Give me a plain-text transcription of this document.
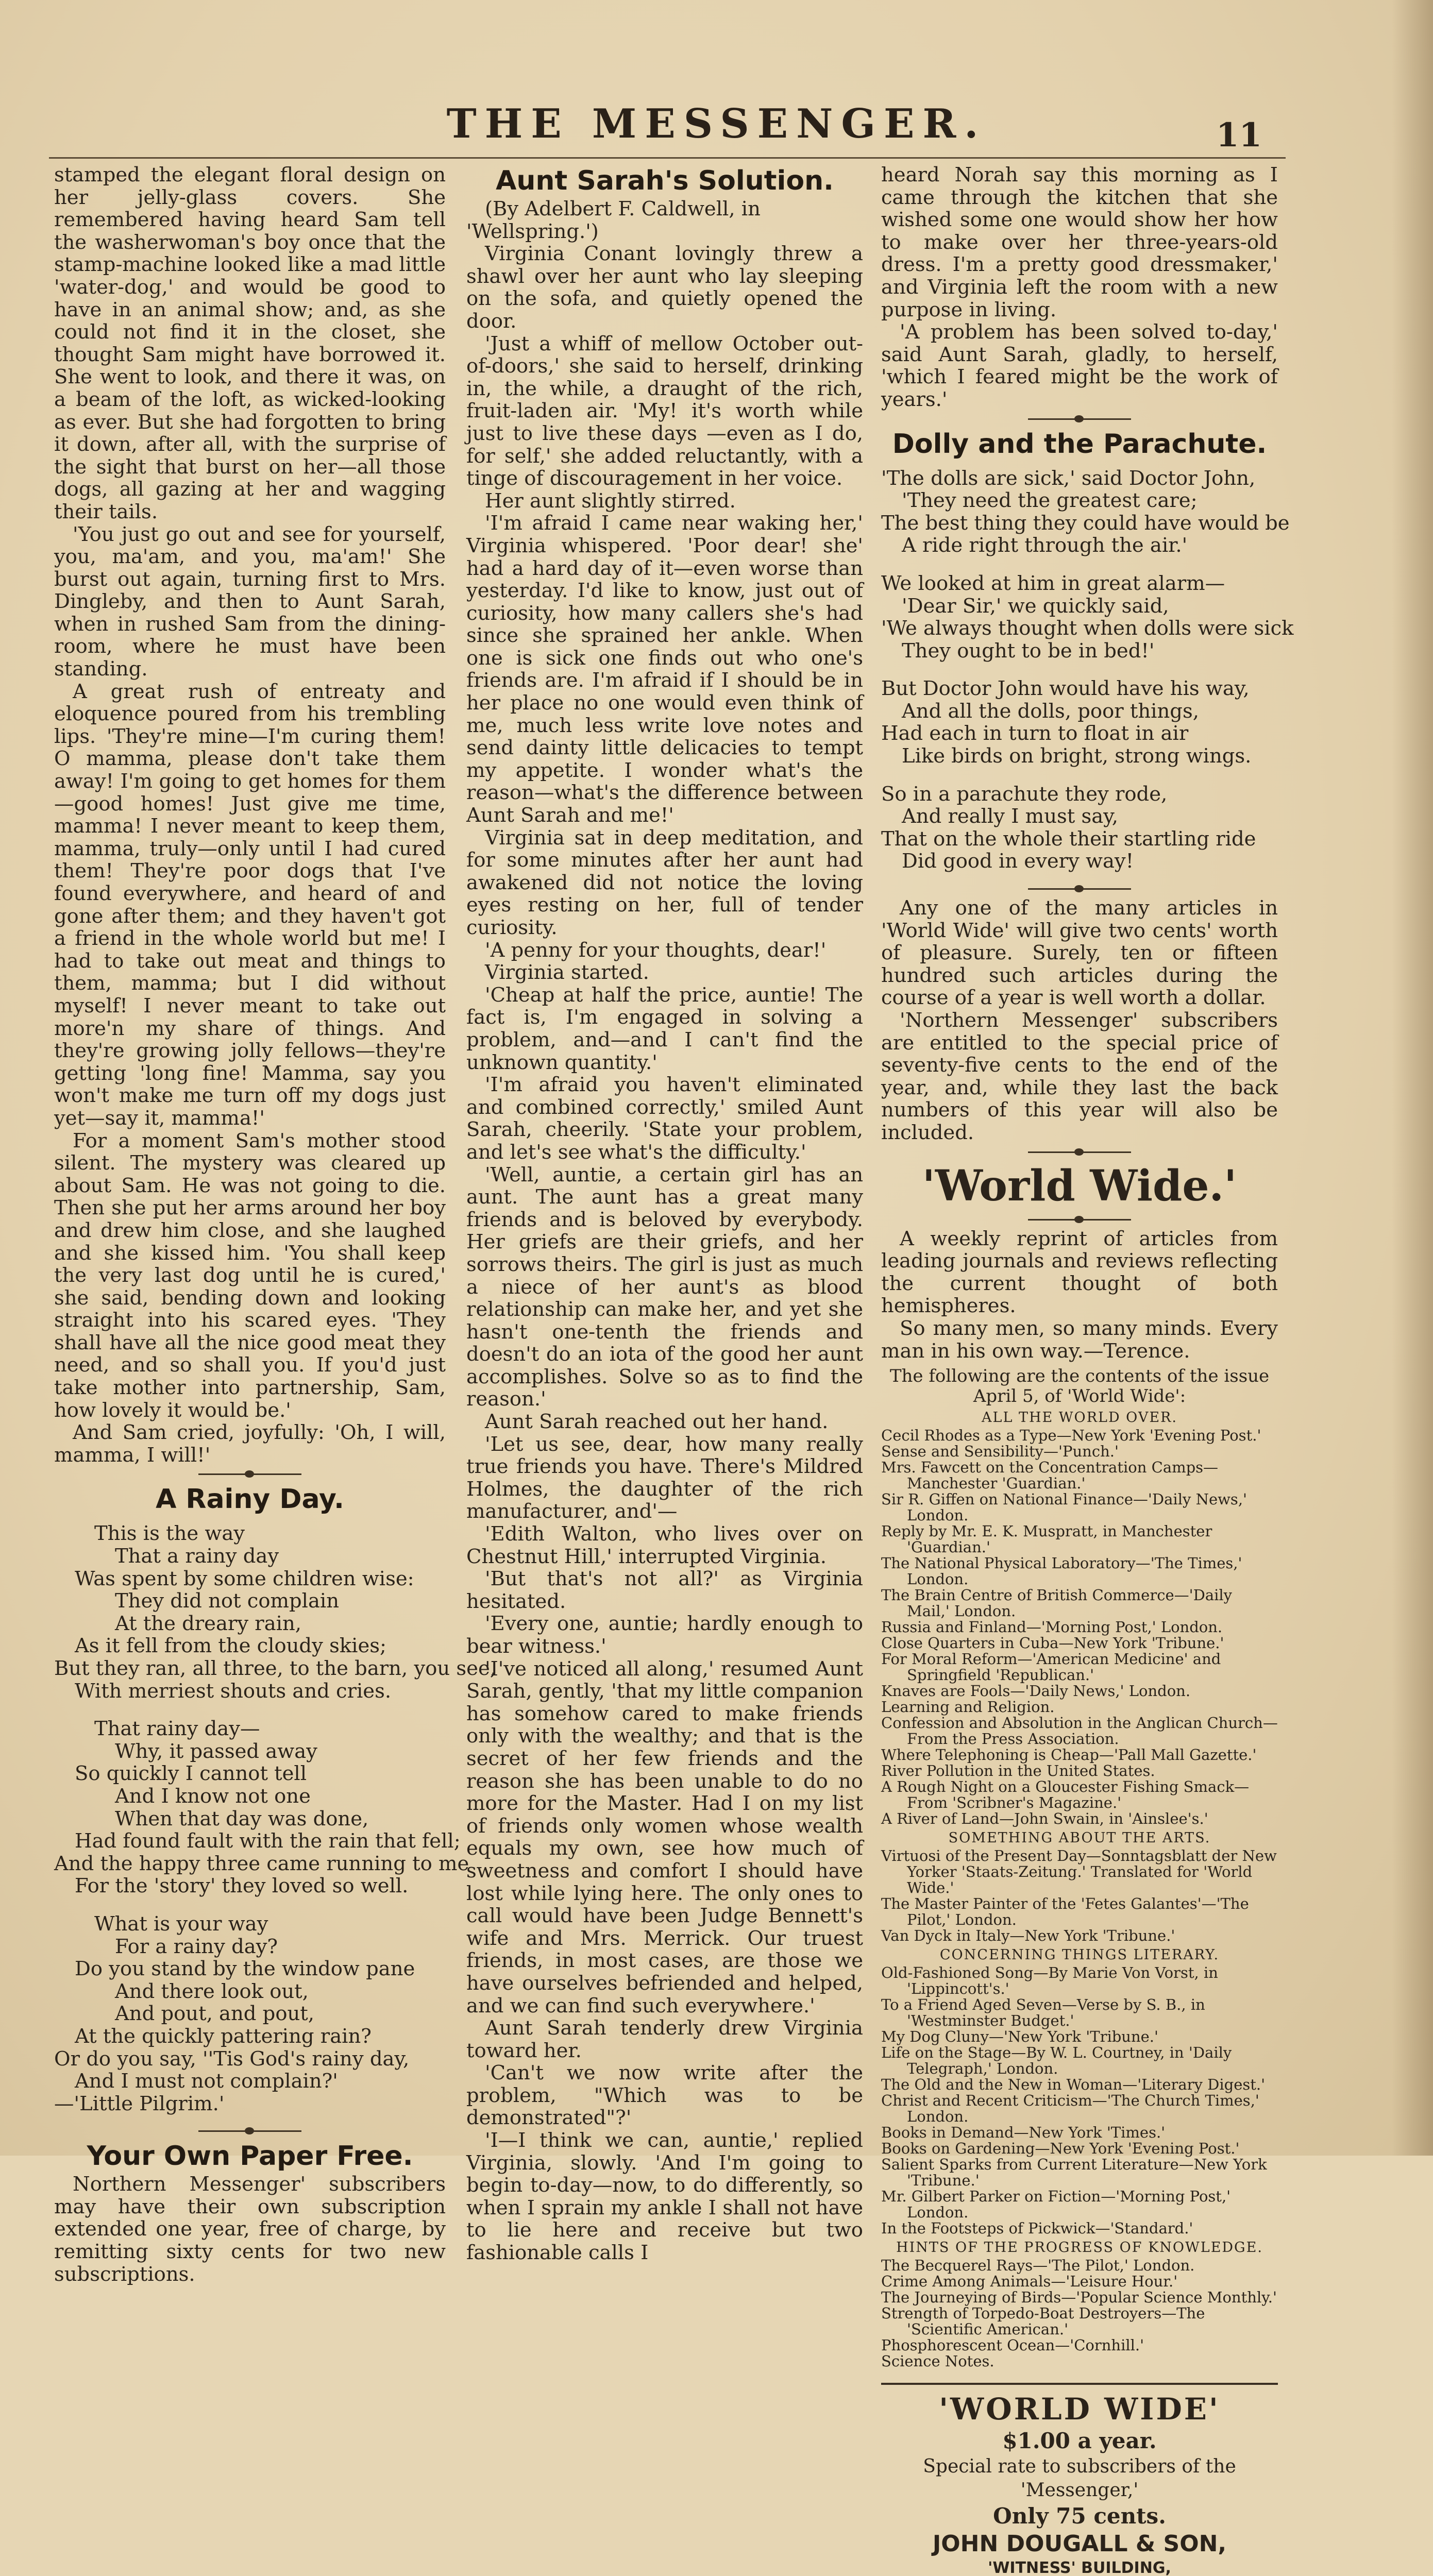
THE MESSENGER.	11

stamped the elegant floral design on her jelly-glass covers. She remembered having heard Sam tell the washerwoman's boy once that the stamp-machine looked like a mad little 'water-dog,' and would be good to have in an animal show; and, as she could not find it in the closet, she thought Sam might have borrowed it. She went to look, and there it was, on a beam of the loft, as wicked-looking as ever. But she had forgotten to bring it down, after all, with the surprise of the sight that burst on her—all those dogs, all gazing at her and wagging their tails.

'You just go out and see for yourself, you, ma'am, and you, ma'am!' She burst out again, turning first to Mrs. Dingleby, and then to Aunt Sarah, when in rushed Sam from the dining-room, where he must have been standing.

A great rush of entreaty and eloquence poured from his trembling lips. 'They're mine—I'm curing them! O mamma, please don't take them away! I'm going to get homes for them—good homes! Just give me time, mamma! I never meant to keep them, mamma, truly—only until I had cured them! They're poor dogs that I've found everywhere, and heard of and gone after them; and they haven't got a friend in the whole world but me! I had to take out meat and things to them, mamma; but I did without myself! I never meant to take out more'n my share of things. And they're growing jolly fellows—they're getting 'long fine! Mamma, say you won't make me turn off my dogs just yet—say it, mamma!'

For a moment Sam's mother stood silent. The mystery was cleared up about Sam. He was not going to die. Then she put her arms around her boy and drew him close, and she laughed and she kissed him. 'You shall keep the very last dog until he is cured,' she said, bending down and looking straight into his scared eyes. 'They shall have all the nice good meat they need, and so shall you. If you'd just take mother into partnership, Sam, how lovely it would be.'

And Sam cried, joyfully: 'Oh, I will, mamma, I will!'

A Rainy Day.
This is the way
That a rainy day
Was spent by some children wise:
They did not complain
At the dreary rain,
As it fell from the cloudy skies;
But they ran, all three, to the barn, you see,
With merriest shouts and cries.
That rainy day—
Why, it passed away
So quickly I cannot tell
And I know not one
When that day was done,
Had found fault with the rain that fell;
And the happy three came running to me
For the 'story' they loved so well.
What is your way
For a rainy day?
Do you stand by the window pane
And there look out,
And pout, and pout,
At the quickly pattering rain?
Or do you say, ''Tis God's rainy day,
And I must not complain?'
—'Little Pilgrim.'
Your Own Paper Free.

Northern Messenger' subscribers may have their own subscription extended one year, free of charge, by remitting sixty cents for two new subscriptions.

Aunt Sarah's Solution.

(By Adelbert F. Caldwell, in 'Wellspring.')

Virginia Conant lovingly threw a shawl over her aunt who lay sleeping on the sofa, and quietly opened the door.

'Just a whiff of mellow October out-of-doors,' she said to herself, drinking in, the while, a draught of the rich, fruit-laden air. 'My! it's worth while just to live these days —even as I do, for self,' she added reluctantly, with a tinge of discouragement in her voice.

Her aunt slightly stirred.

'I'm afraid I came near waking her,' Virginia whispered. 'Poor dear! she' had a hard day of it—even worse than yesterday. I'd like to know, just out of curiosity, how many callers she's had since she sprained her ankle. When one is sick one finds out who one's friends are. I'm afraid if I should be in her place no one would even think of me, much less write love notes and send dainty little delicacies to tempt my appetite. I wonder what's the reason—what's the difference between Aunt Sarah and me!'

Virginia sat in deep meditation, and for some minutes after her aunt had awakened did not notice the loving eyes resting on her, full of tender curiosity.

'A penny for your thoughts, dear!'

Virginia started.

'Cheap at half the price, auntie! The fact is, I'm engaged in solving a problem, and—and I can't find the unknown quantity.'

'I'm afraid you haven't eliminated and combined correctly,' smiled Aunt Sarah, cheerily. 'State your problem, and let's see what's the difficulty.'

'Well, auntie, a certain girl has an aunt. The aunt has a great many friends and is beloved by everybody. Her griefs are their griefs, and her sorrows theirs. The girl is just as much a niece of her aunt's as blood relationship can make her, and yet she hasn't one-tenth the friends and doesn't do an iota of the good her aunt accomplishes. Solve so as to find the reason.'

Aunt Sarah reached out her hand.

'Let us see, dear, how many really true friends you have. There's Mildred Holmes, the daughter of the rich manufacturer, and'—

'Edith Walton, who lives over on Chestnut Hill,' interrupted Virginia.

'But that's not all?' as Virginia hesitated.

'Every one, auntie; hardly enough to bear witness.'

'I've noticed all along,' resumed Aunt Sarah, gently, 'that my little companion has somehow cared to make friends only with the wealthy; and that is the secret of her few friends and the reason she has been unable to do no more for the Master. Had I on my list of friends only women whose wealth equals my own, see how much of sweetness and comfort I should have lost while lying here. The only ones to call would have been Judge Bennett's wife and Mrs. Merrick. Our truest friends, in most cases, are those we have ourselves befriended and helped, and we can find such everywhere.'

Aunt Sarah tenderly drew Virginia toward her.

'Can't we now write after the problem, "Which was to be demonstrated"?'

'I—I think we can, auntie,' replied Virginia, slowly. 'And I'm going to begin to-day—now, to do differently, so when I sprain my ankle I shall not have to lie here and receive but two fashionable calls I

heard Norah say this morning as I came through the kitchen that she wished some one would show her how to make over her three-years-old dress. I'm a pretty good dressmaker,' and Virginia left the room with a new purpose in living.

'A problem has been solved to-day,' said Aunt Sarah, gladly, to herself, 'which I feared might be the work of years.'

Dolly and the Parachute.
'The dolls are sick,' said Doctor John,
'They need the greatest care;
The best thing they could have would be
A ride right through the air.'
We looked at him in great alarm—
'Dear Sir,' we quickly said,
'We always thought when dolls were sick
They ought to be in bed!'
But Doctor John would have his way,
And all the dolls, poor things,
Had each in turn to float in air
Like birds on bright, strong wings.
So in a parachute they rode,
And really I must say,
That on the whole their startling ride
Did good in every way!

Any one of the many articles in 'World Wide' will give two cents' worth of pleasure. Surely, ten or fifteen hundred such articles during the course of a year is well worth a dollar.

'Northern Messenger' subscribers are entitled to the special price of seventy-five cents to the end of the year, and, while they last the back numbers of this year will also be included.

'World Wide.'

A weekly reprint of articles from leading journals and reviews reflecting the current thought of both hemispheres.

So many men, so many minds. Every man in his own way.—Terence.

The following are the contents of the issue April 5, of 'World Wide':
ALL THE WORLD OVER.
Cecil Rhodes as a Type—New York 'Evening Post.'
Sense and Sensibility—'Punch.'
Mrs. Fawcett on the Concentration Camps—Manchester 'Guardian.'
Sir R. Giffen on National Finance—'Daily News,' London.
Reply by Mr. E. K. Muspratt, in Manchester 'Guardian.'
The National Physical Laboratory—'The Times,' London.
The Brain Centre of British Commerce—'Daily Mail,' London.
Russia and Finland—'Morning Post,' London.
Close Quarters in Cuba—New York 'Tribune.'
For Moral Reform—'American Medicine' and Springfield 'Republican.'
Knaves are Fools—'Daily News,' London.
Learning and Religion.
Confession and Absolution in the Anglican Church—From the Press Association.
Where Telephoning is Cheap—'Pall Mall Gazette.'
River Pollution in the United States.
A Rough Night on a Gloucester Fishing Smack—From 'Scribner's Magazine.'
A River of Land—John Swain, in 'Ainslee's.'
SOMETHING ABOUT THE ARTS.
Virtuosi of the Present Day—Sonntagsblatt der New Yorker 'Staats-Zeitung.' Translated for 'World Wide.'
The Master Painter of the 'Fetes Galantes'—'The Pilot,' London.
Van Dyck in Italy—New York 'Tribune.'
CONCERNING THINGS LITERARY.
Old-Fashioned Song—By Marie Von Vorst, in 'Lippincott's.'
To a Friend Aged Seven—Verse by S. B., in 'Westminster Budget.'
My Dog Cluny—'New York 'Tribune.'
Life on the Stage—By W. L. Courtney, in 'Daily Telegraph,' London.
The Old and the New in Woman—'Literary Digest.'
Christ and Recent Criticism—'The Church Times,' London.
Books in Demand—New York 'Times.'
Books on Gardening—New York 'Evening Post.'
Salient Sparks from Current Literature—New York 'Tribune.'
Mr. Gilbert Parker on Fiction—'Morning Post,' London.
In the Footsteps of Pickwick—'Standard.'
HINTS OF THE PROGRESS OF KNOWLEDGE.
The Becquerel Rays—'The Pilot,' London.
Crime Among Animals—'Leisure Hour.'
The Journeying of Birds—'Popular Science Monthly.'
Strength of Torpedo-Boat Destroyers—The 'Scientific American.'
Phosphorescent Ocean—'Cornhill.'
Science Notes.
'WORLD WIDE'
$1.00 a year.
Special rate to subscribers of the 'Messenger,'
Only 75 cents.
JOHN DOUGALL & SON,
'WITNESS' BUILDING,
